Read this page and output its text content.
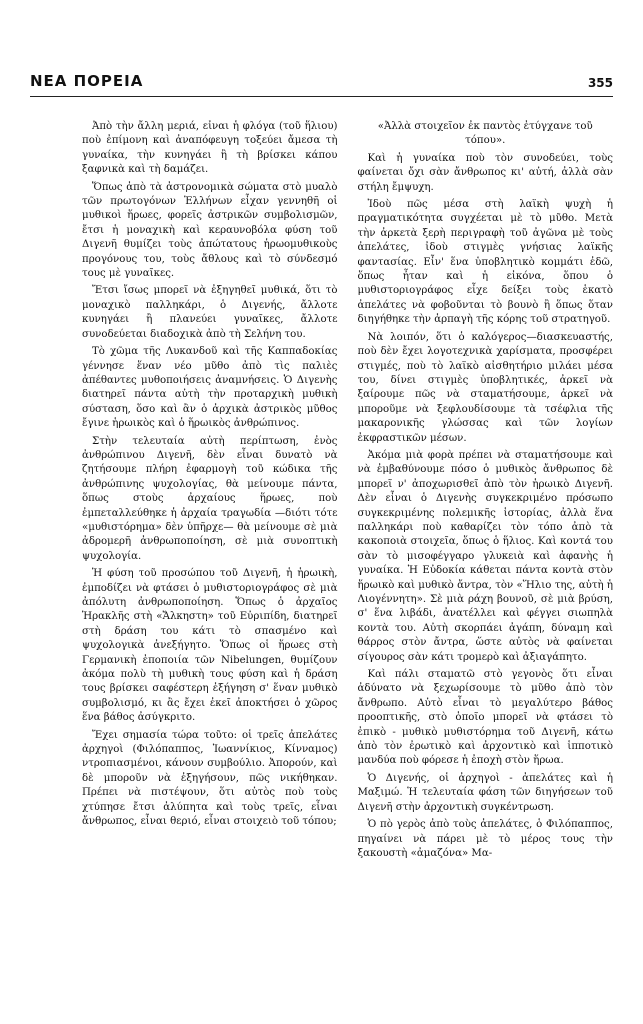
ΝΕΑ ΠΟΡΕΙΑ	355

Ἀπὸ τὴν ἄλλη μεριά, εἶναι ἡ φλόγα (τοῦ ἥλιου) ποὺ ἐπίμονη καὶ ἀναπόφευγη τοξεύει ἄμεσα τὴ γυναίκα, τὴν κυνηγάει ἢ τὴ βρίσκει κάπου ξαφνικὰ καὶ τὴ δαμάζει.

Ὅπως ἀπὸ τὰ ἀστρονομικὰ σώματα στὸ μυαλὸ τῶν πρωτογόνων Ἑλλήνων εἶχαν γεννηθῆ οἱ μυθικοὶ ἥρωες, φορεῖς ἀστρικῶν συμβολισμῶν, ἔτσι ἡ μοναχικὴ καὶ κεραυνοβόλα φύση τοῦ Διγενῆ θυμίζει τοὺς ἀπώτατους ἡρωομυθικοὺς προγόνους του, τοὺς ἄθλους καὶ τὸ σύνδεσμό τους μὲ γυναῖκες.

Ἔτσι ἴσως μπορεῖ νὰ ἐξηγηθεῖ μυθικά, ὅτι τὸ μοναχικὸ παλληκάρι, ὁ Διγενής, ἄλλοτε κυνηγάει ἢ πλανεύει γυναῖκες, ἄλλοτε συνοδεύεται διαδοχικὰ ἀπὸ τὴ Σελήνη του.

Τὸ χῶμα τῆς Λυκανδοῦ καὶ τῆς Καππαδοκίας γέννησε ἕναν νέο μῦθο ἀπὸ τὶς παλιὲς ἀπέθαντες μυθοποιήσεις ἀναμνήσεις. Ὁ Διγενὴς διατηρεῖ πάντα αὐτὴ τὴν προταρχικὴ μυθικὴ σύσταση, ὅσο καὶ ἂν ὁ ἀρχικὰ ἀστρικὸς μῦθος ἔγινε ἡρωικὸς καὶ ὁ ἥρωικὸς ἀνθρώπινος.

Στὴν τελευταία αὐτὴ περίπτωση, ἐνὸς ἀνθρώπινου Διγενῆ, δὲν εἶναι δυνατὸ νὰ ζητήσουμε πλήρη ἐφαρμογὴ τοῦ κώδικα τῆς ἀνθρώπινης ψυχολογίας, θὰ μείνουμε πάντα, ὅπως στοὺς ἀρχαίους ἥρωες, ποὺ ἐμπεταλλεύθηκε ἡ ἀρχαία τραγωδία —διότι τότε «μυθιστόρημα» δὲν ὑπῆρχε— θὰ μείνουμε σὲ μιὰ ἀδρομερῆ ἀνθρωποποίηση, σὲ μιὰ συνοπτικὴ ψυχολογία.

Ἡ φύση τοῦ προσώπου τοῦ Διγενῆ, ἡ ἡρωικὴ, ἐμποδίζει νὰ φτάσει ὁ μυθιστοριογράφος σὲ μιὰ ἀπόλυτη ἀνθρωποποίηση. Ὅπως ὁ ἀρχαῖος Ἡρακλῆς στὴ «Ἄλκηστη» τοῦ Εὐριπίδη, διατηρεῖ στὴ δράση του κάτι τὸ σπασμένο καὶ ψυχολογικὰ ἀνεξήγητο. Ὅπως οἱ ἥρωες στὴ Γερμανικὴ ἐποποιία τῶν Nibelungen, θυμίζουν ἀκόμα πολὺ τὴ μυθικὴ τους φύση καὶ ἡ δράση τους βρίσκει σαφέστερη ἐξήγηση σ' ἕναν μυθικὸ συμβολισμό, κι ἂς ἔχει ἐκεῖ ἀποκτήσει ὁ χῶρος ἕνα βάθος ἀσύγκριτο.

Ἔχει σημασία τώρα τοῦτο: οἱ τρεῖς ἀπελάτες ἀρχηγοὶ (Φιλόπαππος, Ἰωαννίκιος, Κίνναμος) ντροπιασμένοι, κάνουν συμβούλιο. Ἀπορούν, καὶ δὲ μποροῦν νὰ ἐξηγήσουν, πῶς νικήθηκαν. Πρέπει νὰ πιστέψουν, ὅτι αὐτὸς ποὺ τοὺς χτύπησε ἔτσι ἀλύπητα καὶ τοὺς τρεῖς, εἶναι ἄνθρωπος, εἶναι θεριό, εἶναι στοιχειὸ τοῦ τόπου;

«Ἀλλὰ στοιχεῖον ἐκ παντὸς ἐτύγχανε τοῦ τόπου».

Καὶ ἡ γυναίκα ποὺ τὸν συνοδεύει, τοὺς φαίνεται ὄχι σὰν ἄνθρωπος κι' αὐτή, ἀλλὰ σὰν στήλη ἔμψυχη.

Ἰδοὺ πῶς μέσα στὴ λαϊκὴ ψυχὴ ἡ πραγματικότητα συγχέεται μὲ τὸ μῦθο. Μετὰ τὴν ἀρκετὰ ξερὴ περιγραφὴ τοῦ ἀγῶνα μὲ τοὺς ἀπελάτες, ἰδοὺ στιγμὲς γνήσιας λαϊκῆς φαντασίας. Εἶν' ἕνα ὑποβλητικὸ κομμάτι ἐδῶ, ὅπως ἦταν καὶ ἡ εἰκόνα, ὅπου ὁ μυθιστοριογράφος εἶχε δείξει τοὺς ἑκατὸ ἀπελάτες νὰ φοβοῦνται τὸ βουνὸ ἢ ὅπως ὅταν διηγήθηκε τὴν ἁρπαγὴ τῆς κόρης τοῦ στρατηγοῦ.

Νὰ λοιπόν, ὅτι ὁ καλόγερος—διασκευαστής, ποὺ δὲν ἔχει λογοτεχνικὰ χαρίσματα, προσφέρει στιγμές, ποὺ τὸ λαϊκὸ αἰσθητήριο μιλάει μέσα του, δίνει στιγμὲς ὑποβλητικές, ἀρκεῖ νὰ ξαίρουμε πῶς νὰ σταματήσουμε, ἀρκεῖ νὰ μποροῦμε νὰ ξεφλουδίσουμε τὰ τσέφλια τῆς μακαρονικῆς γλώσσας καὶ τῶν λογίων ἐκφραστικῶν μέσων.

Ἀκόμα μιὰ φορὰ πρέπει νὰ σταματήσουμε καὶ νὰ ἐμβαθύνουμε πόσο ὁ μυθικὸς ἄνθρωπος δὲ μπορεῖ ν' ἀποχωρισθεῖ ἀπὸ τὸν ἡρωικὸ Διγενῆ. Δὲν εἶναι ὁ Διγενὴς συγκεκριμένο πρόσωπο συγκεκριμένης πολεμικῆς ἱστορίας, ἀλλὰ ἕνα παλληκάρι ποὺ καθαρίζει τὸν τόπο ἀπὸ τὰ κακοποιὰ στοιχεῖα, ὅπως ὁ ἥλιος. Καὶ κοντά του σὰν τὸ μισοφέγγαρο γλυκειὰ καὶ ἀφανὴς ἡ γυναίκα. Ἡ Εὐδοκία κάθεται πάντα κοντὰ στὸν ἥρωικὸ καὶ μυθικὸ ἄντρα, τὸν «Ἥλιο της, αὐτὴ ἡ Λιογέννητη». Σὲ μιὰ ράχη βουνοῦ, σὲ μιὰ βρύση, σ' ἕνα λιβάδι, ἀνατέλλει καὶ φέγγει σιωπηλὰ κοντὰ του. Αὐτὴ σκορπάει ἀγάπη, δύναμη καὶ θάρρος στὸν ἄντρα, ὥστε αὐτὸς νὰ φαίνεται σίγουρος σὰν κάτι τρομερὸ καὶ ἀξιαγάπητο.

Καὶ πάλι σταματῶ στὸ γεγονὸς ὅτι εἶναι ἀδύνατο νὰ ξεχωρίσουμε τὸ μῦθο ἀπὸ τὸν ἄνθρωπο. Αὐτὸ εἶναι τὸ μεγαλύτερο βάθος προοπτικῆς, στὸ ὁποῖο μπορεῖ νὰ φτάσει τὸ ἐπικὸ - μυθικὸ μυθιστόρημα τοῦ Διγενῆ, κάτω ἀπὸ τὸν ἐρωτικὸ καὶ ἀρχοντικὸ καὶ ἱπποτικὸ μανδύα ποὺ φόρεσε ἡ ἐποχὴ στὸν ἥρωα.

Ὁ Διγενής, οἱ ἀρχηγοὶ - ἀπελάτες καὶ ἡ Μαξιμώ. Ἡ τελευταία φάση τῶν διηγήσεων τοῦ Διγενῆ στὴν ἀρχοντικὴ συγκέντρωση.

Ὁ πὸ γερὸς ἀπὸ τοὺς ἀπελάτες, ὁ Φιλόπαππος, πηγαίνει νὰ πάρει μὲ τὸ μέρος τους τὴν ξακουστὴ «ἀμαζόνα» Μα-
